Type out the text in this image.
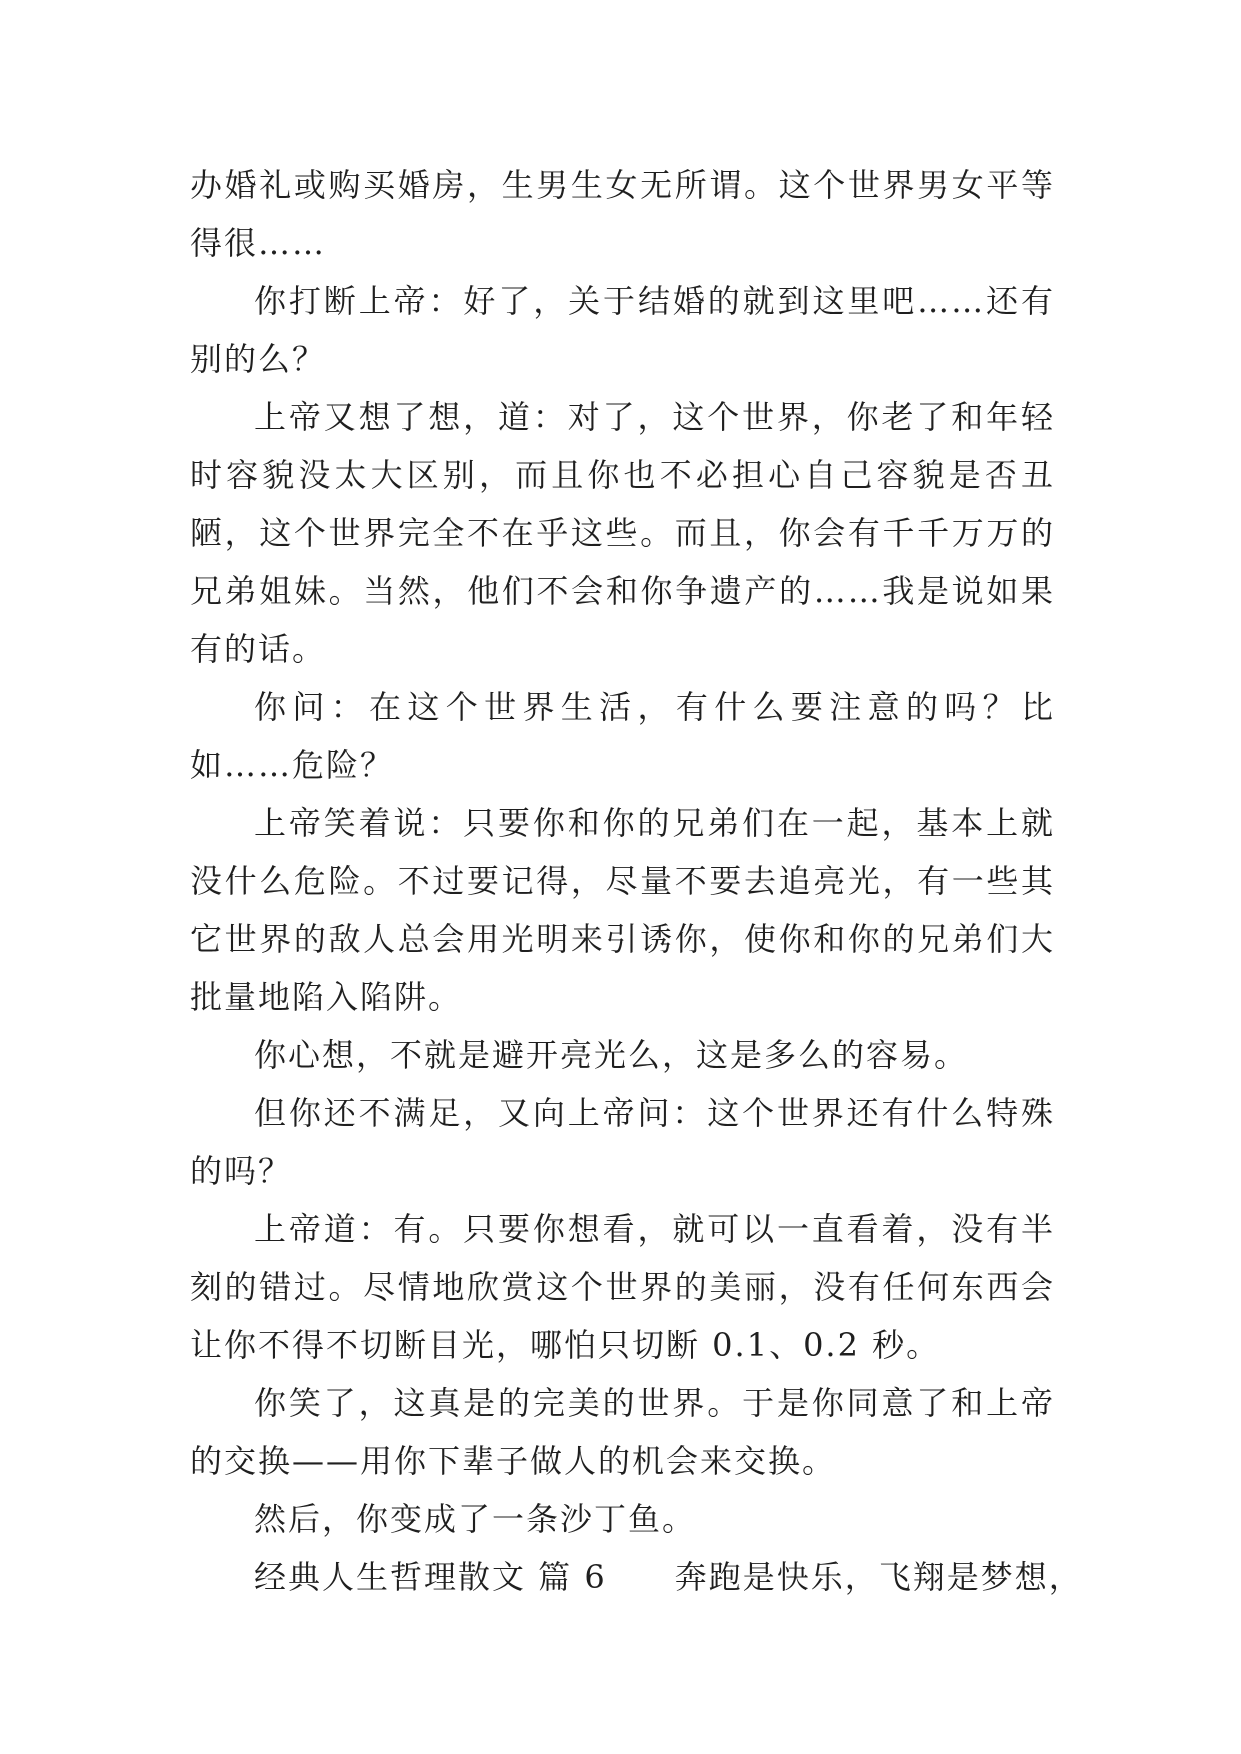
办婚礼或购买婚房，生男生女无所谓。这个世界男女平等得很……

你打断上帝：好了，关于结婚的就到这里吧……还有别的么？

上帝又想了想，道：对了，这个世界，你老了和年轻时容貌没太大区别，而且你也不必担心自己容貌是否丑陋，这个世界完全不在乎这些。而且，你会有千千万万的兄弟姐妹。当然，他们不会和你争遗产的……我是说如果有的话。

你问：在这个世界生活，有什么要注意的吗？比如……危险？

上帝笑着说：只要你和你的兄弟们在一起，基本上就没什么危险。不过要记得，尽量不要去追亮光，有一些其它世界的敌人总会用光明来引诱你，使你和你的兄弟们大批量地陷入陷阱。

你心想，不就是避开亮光么，这是多么的容易。

但你还不满足，又向上帝问：这个世界还有什么特殊的吗？

上帝道：有。只要你想看，就可以一直看着，没有半刻的错过。尽情地欣赏这个世界的美丽，没有任何东西会让你不得不切断目光，哪怕只切断 0.1、0.2 秒。

你笑了，这真是的完美的世界。于是你同意了和上帝的交换——用你下辈子做人的机会来交换。

然后，你变成了一条沙丁鱼。

经典人生哲理散文 篇 6　　奔跑是快乐，飞翔是梦想，
